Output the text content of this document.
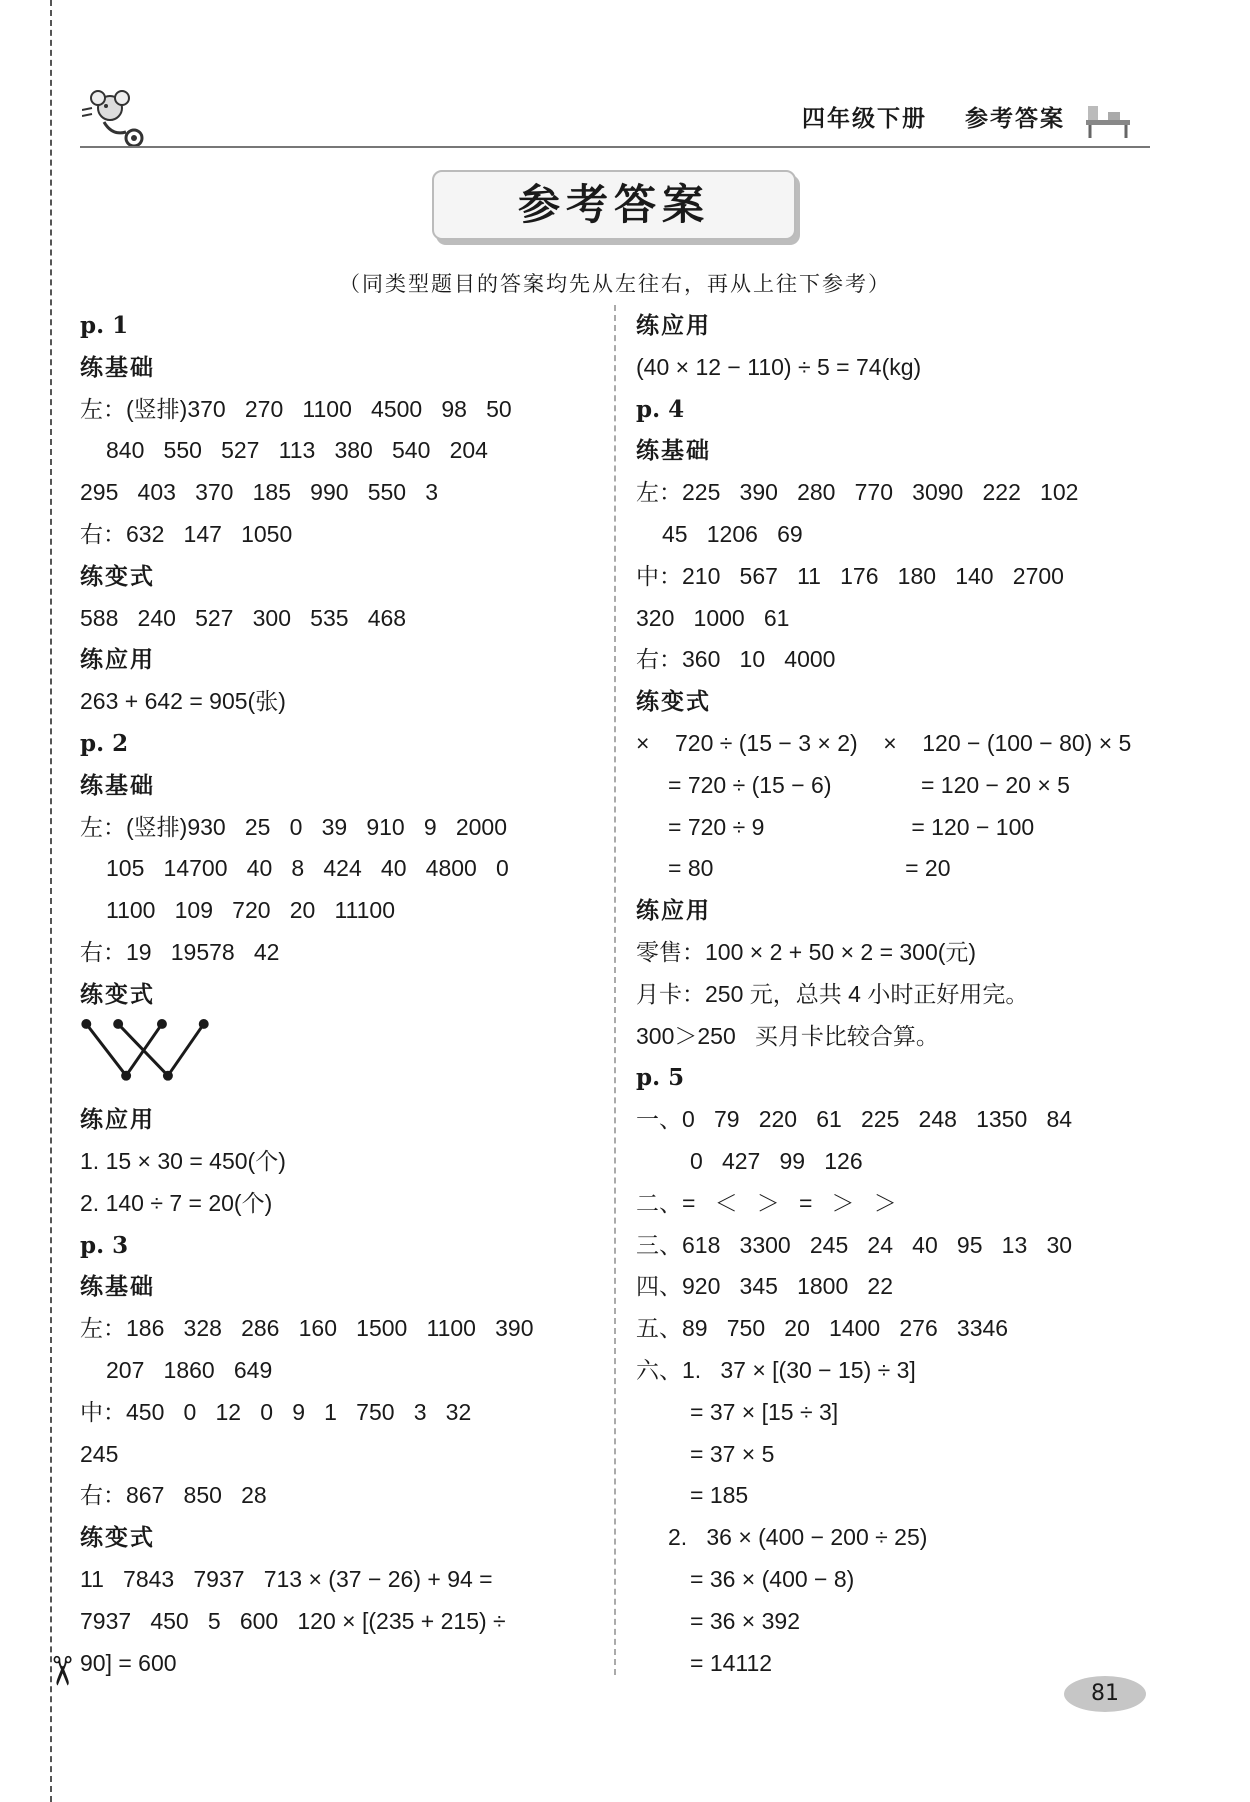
✂
四年级下册 参考答案
参考答案
（同类型题目的答案均先从左往右，再从上往下参考）
p. 1
练基础
左：(竖排)370   270   1100   4500   98   50
840   550   527   113   380   540   204
295   403   370   185   990   550   3
右：632   147   1050
练变式
588   240   527   300   535   468
练应用
263 + 642 = 905(张)
p. 2
练基础
左：(竖排)930   25   0   39   910   9   2000
105   14700   40   8   424   40   4800   0
1100   109   720   20   11100
右：19   19578   42
练变式
练应用
1. 15 × 30 = 450(个)
2. 140 ÷ 7 = 20(个)
p. 3
练基础
左：186   328   286   160   1500   1100   390
207   1860   649
中：450   0   12   0   9   1   750   3   32
245
右：867   850   28
练变式
11   7843   7937   713 × (37 − 26) + 94 =
7937   450   5   600   120 × [(235 + 215) ÷
90] = 600
练应用
(40 × 12 − 110) ÷ 5 = 74(kg)
p. 4
练基础
左：225   390   280   770   3090   222   102
45   1206   69
中：210   567   11   176   180   140   2700
320   1000   61
右：360   10   4000
练变式
×    720 ÷ (15 − 3 × 2)    ×    120 − (100 − 80) × 5
= 720 ÷ (15 − 6)              = 120 − 20 × 5
= 720 ÷ 9                       = 120 − 100
= 80                              = 20
练应用
零售：100 × 2 + 50 × 2 = 300(元)
月卡：250 元，总共 4 小时正好用完。
300＞250   买月卡比较合算。
p. 5
一、0   79   220   61   225   248   1350   84
0   427   99   126
二、=   ＜   ＞   =   ＞   ＞
三、618   3300   245   24   40   95   13   30
四、920   345   1800   22
五、89   750   20   1400   276   3346
六、1.   37 × [(30 − 15) ÷ 3]
= 37 × [15 ÷ 3]
= 37 × 5
= 185
2.   36 × (400 − 200 ÷ 25)
= 36 × (400 − 8)
= 36 × 392
= 14112
81
